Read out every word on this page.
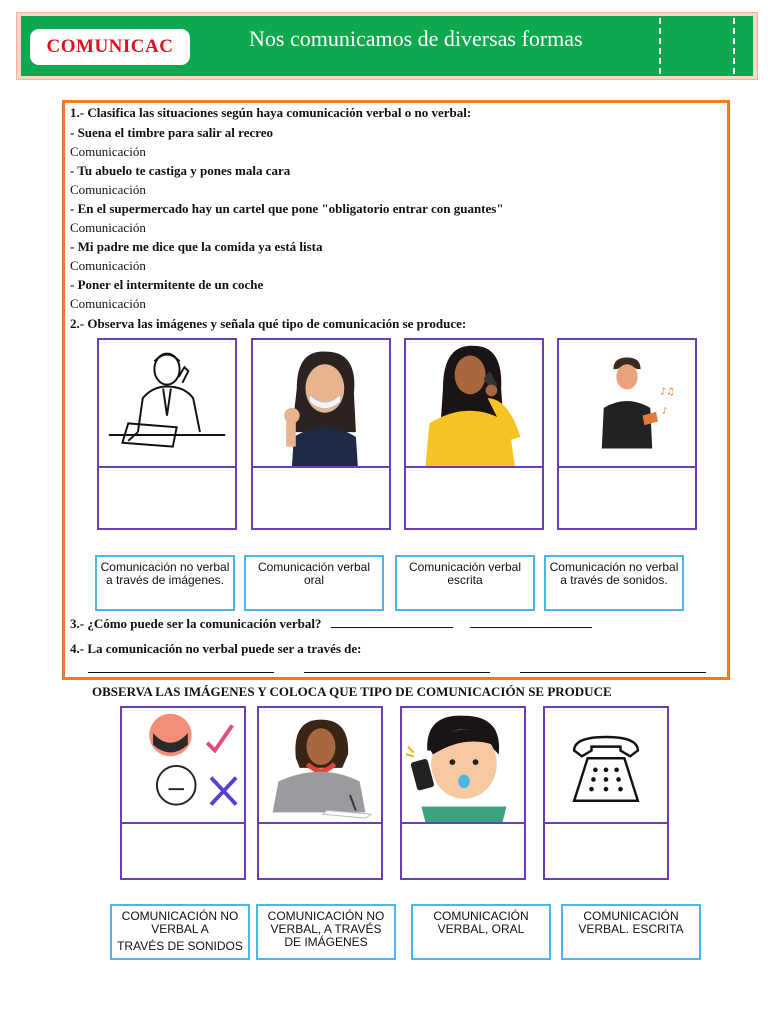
Nos comunicamos de diversas formas
COMUNICAC
1.- Clasifica las situaciones según haya comunicación verbal o no verbal:
- Suena el timbre para salir al recreo
Comunicación
- Tu abuelo te castiga y pones mala cara
Comunicación
- En el supermercado hay un cartel que pone "obligatorio entrar con guantes"
Comunicación
- Mi padre me dice que la comida ya está lista
Comunicación
- Poner el intermitente de un coche
Comunicación
2.- Observa las imágenes y señala qué tipo de comunicación se produce:
♪♫
♪
Comunicación no verbal
a través de imágenes.
Comunicación verbal
oral
Comunicación verbal
escrita
Comunicación no verbal
a través de sonidos.
3.- ¿Cómo puede ser la comunicación verbal?
4.- La comunicación no verbal puede ser a través de:
OBSERVA LAS IMÁGENES Y COLOCA QUE TIPO DE COMUNICACIÓN SE PRODUCE
COMUNICACIÓN NO
VERBAL A
TRAVÉS DE SONIDOS
COMUNICACIÓN NO
VERBAL, A TRAVÉS
DE IMÁGENES
COMUNICACIÓN
VERBAL, ORAL
COMUNICACIÓN
VERBAL. ESCRITA
